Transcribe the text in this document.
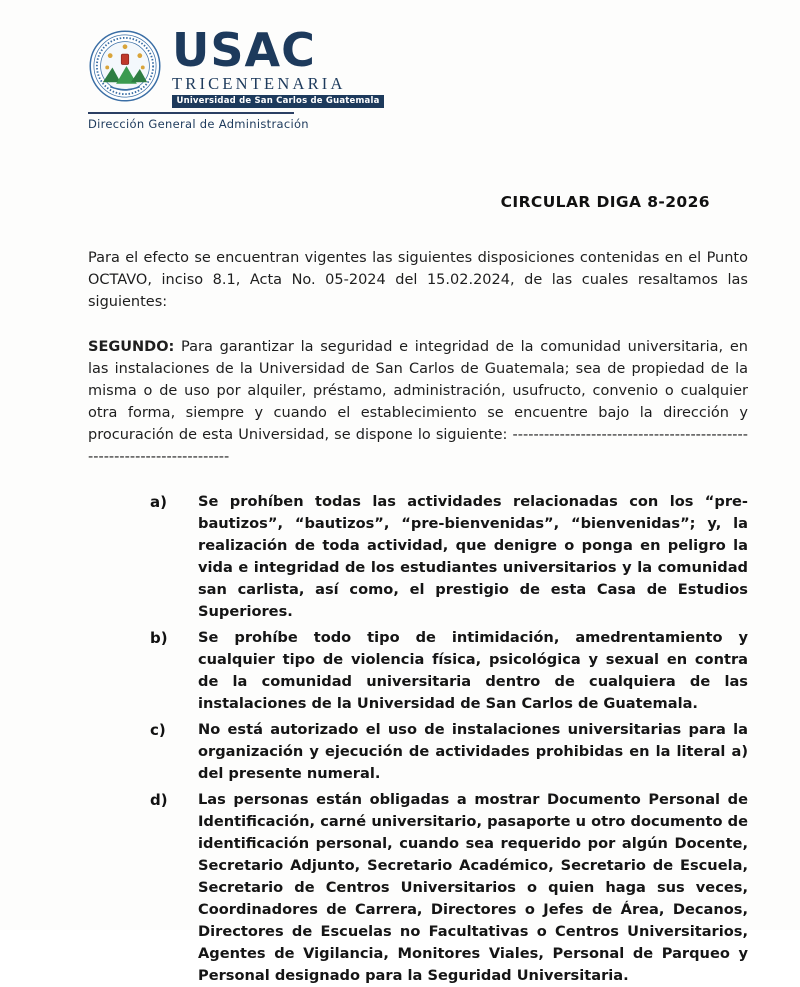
USAC
TRICENTENARIA
Universidad de San Carlos de Guatemala
Dirección General de Administración
CIRCULAR DIGA 8-2026

Para el efecto se encuentran vigentes las siguientes disposiciones contenidas en el Punto OCTAVO, inciso 8.1, Acta No. 05-2024 del 15.02.2024, de las cuales resaltamos las siguientes:

SEGUNDO: Para garantizar la seguridad e integridad de la comunidad universitaria, en las instalaciones de la Universidad de San Carlos de Guatemala; sea de propiedad de la misma o de uso por alquiler, préstamo, administración, usufructo, convenio o cualquier otra forma, siempre y cuando el establecimiento se encuentre bajo la dirección y procuración de esta Universidad, se dispone lo siguiente: ------------------------------------------------------------------------

a)	Se prohíben todas las actividades relacionadas con los “pre-bautizos”, “bautizos”, “pre-bienvenidas”, “bienvenidas”; y, la realización de toda actividad, que denigre o ponga en peligro la vida e integridad de los estudiantes universitarios y la comunidad san carlista, así como, el prestigio de esta Casa de Estudios Superiores.
b)	Se prohíbe todo tipo de intimidación, amedrentamiento y cualquier tipo de violencia física, psicológica y sexual en contra de la comunidad universitaria dentro de cualquiera de las instalaciones de la Universidad de San Carlos de Guatemala.
c)	No está autorizado el uso de instalaciones universitarias para la organización y ejecución de actividades prohibidas en la literal a) del presente numeral.
d)	Las personas están obligadas a mostrar Documento Personal de Identificación, carné universitario, pasaporte u otro documento de identificación personal, cuando sea requerido por algún Docente, Secretario Adjunto, Secretario Académico, Secretario de Escuela, Secretario de Centros Universitarios o quien haga sus veces, Coordinadores de Carrera, Directores o Jefes de Área, Decanos, Directores de Escuelas no Facultativas o Centros Universitarios, Agentes de Vigilancia, Monitores Viales, Personal de Parqueo y Personal designado para la Seguridad Universitaria.
